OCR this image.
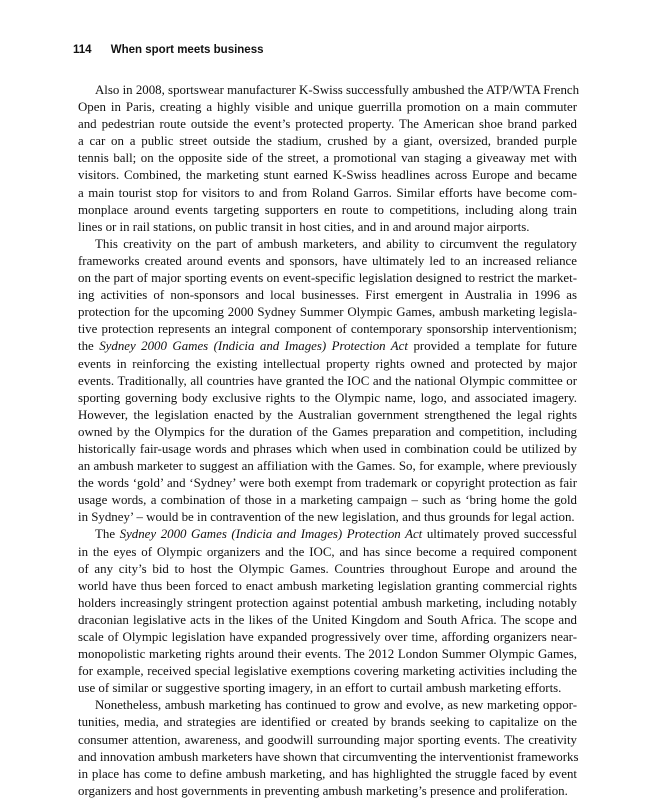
114 When sport meets business
Also in 2008, sportswear manufacturer K-Swiss successfully ambushed the ATP/WTA French
Open in Paris, creating a highly visible and unique guerrilla promotion on a main commuter
and pedestrian route outside the event’s protected property. The American shoe brand parked
a car on a public street outside the stadium, crushed by a giant, oversized, branded purple
tennis ball; on the opposite side of the street, a promotional van staging a giveaway met with
visitors. Combined, the marketing stunt earned K-Swiss headlines across Europe and became
a main tourist stop for visitors to and from Roland Garros. Similar efforts have become com-
monplace around events targeting supporters en route to competitions, including along train
lines or in rail stations, on public transit in host cities, and in and around major airports.
This creativity on the part of ambush marketers, and ability to circumvent the regulatory
frameworks created around events and sponsors, have ultimately led to an increased reliance
on the part of major sporting events on event-specific legislation designed to restrict the market-
ing activities of non-sponsors and local businesses. First emergent in Australia in 1996 as
protection for the upcoming 2000 Sydney Summer Olympic Games, ambush marketing legisla-
tive protection represents an integral component of contemporary sponsorship interventionism;
the Sydney 2000 Games (Indicia and Images) Protection Act provided a template for future
events in reinforcing the existing intellectual property rights owned and protected by major
events. Traditionally, all countries have granted the IOC and the national Olympic committee or
sporting governing body exclusive rights to the Olympic name, logo, and associated imagery.
However, the legislation enacted by the Australian government strengthened the legal rights
owned by the Olympics for the duration of the Games preparation and competition, including
historically fair-usage words and phrases which when used in combination could be utilized by
an ambush marketer to suggest an affiliation with the Games. So, for example, where previously
the words ‘gold’ and ‘Sydney’ were both exempt from trademark or copyright protection as fair
usage words, a combination of those in a marketing campaign – such as ‘bring home the gold
in Sydney’ – would be in contravention of the new legislation, and thus grounds for legal action.
The Sydney 2000 Games (Indicia and Images) Protection Act ultimately proved successful
in the eyes of Olympic organizers and the IOC, and has since become a required component
of any city’s bid to host the Olympic Games. Countries throughout Europe and around the
world have thus been forced to enact ambush marketing legislation granting commercial rights
holders increasingly stringent protection against potential ambush marketing, including notably
draconian legislative acts in the likes of the United Kingdom and South Africa. The scope and
scale of Olympic legislation have expanded progressively over time, affording organizers near-
monopolistic marketing rights around their events. The 2012 London Summer Olympic Games,
for example, received special legislative exemptions covering marketing activities including the
use of similar or suggestive sporting imagery, in an effort to curtail ambush marketing efforts.
Nonetheless, ambush marketing has continued to grow and evolve, as new marketing oppor-
tunities, media, and strategies are identified or created by brands seeking to capitalize on the
consumer attention, awareness, and goodwill surrounding major sporting events. The creativity
and innovation ambush marketers have shown that circumventing the interventionist frameworks
in place has come to define ambush marketing, and has highlighted the struggle faced by event
organizers and host governments in preventing ambush marketing’s presence and proliferation.
